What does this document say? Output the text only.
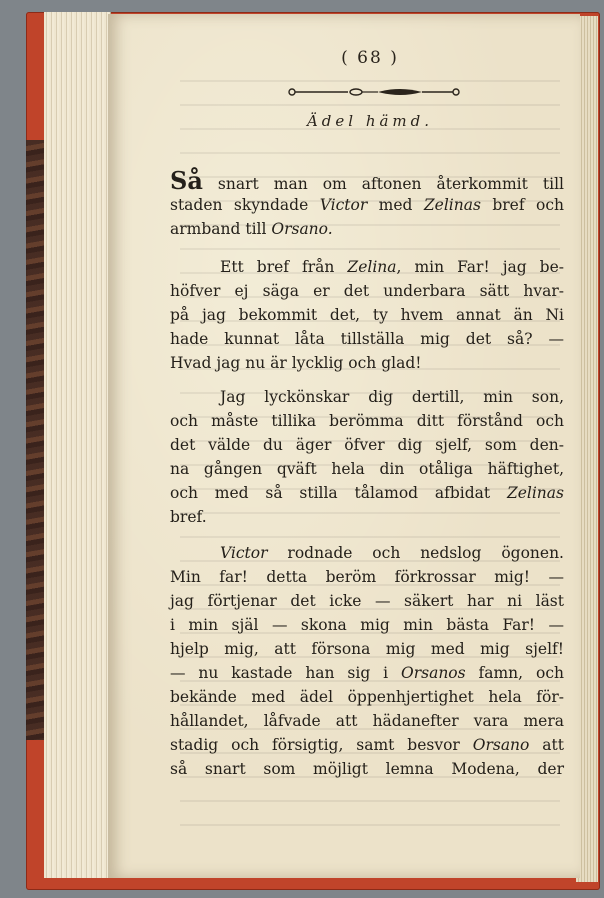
( 68 )
Ädel hämd.
Så snart man om aftonen återkommit till
staden skyndade Victor med Zelinas bref och
armband till Orsano.
Ett bref från Zelina, min Far! jag be-
höfver ej säga er det underbara sätt hvar-
på jag bekommit det, ty hvem annat än Ni
hade kunnat låta tillställa mig det så? —
Hvad jag nu är lycklig och glad!
Jag lyckönskar dig dertill, min son,
och måste tillika berömma ditt förstånd och
det välde du äger öfver dig sjelf, som den-
na gången qväft hela din otåliga häftighet,
och med så stilla tålamod afbidat Zelinas
bref.
Victor rodnade och nedslog ögonen.
Min far! detta beröm förkrossar mig! —
jag förtjenar det icke — säkert har ni läst
i min själ — skona mig min bästa Far! —
hjelp mig, att försona mig med mig sjelf!
— nu kastade han sig i Orsanos famn, och
bekände med ädel öppenhjertighet hela för-
hållandet, låfvade att hädanefter vara mera
stadig och försigtig, samt besvor Orsano att
så snart som möjligt lemna Modena, der
